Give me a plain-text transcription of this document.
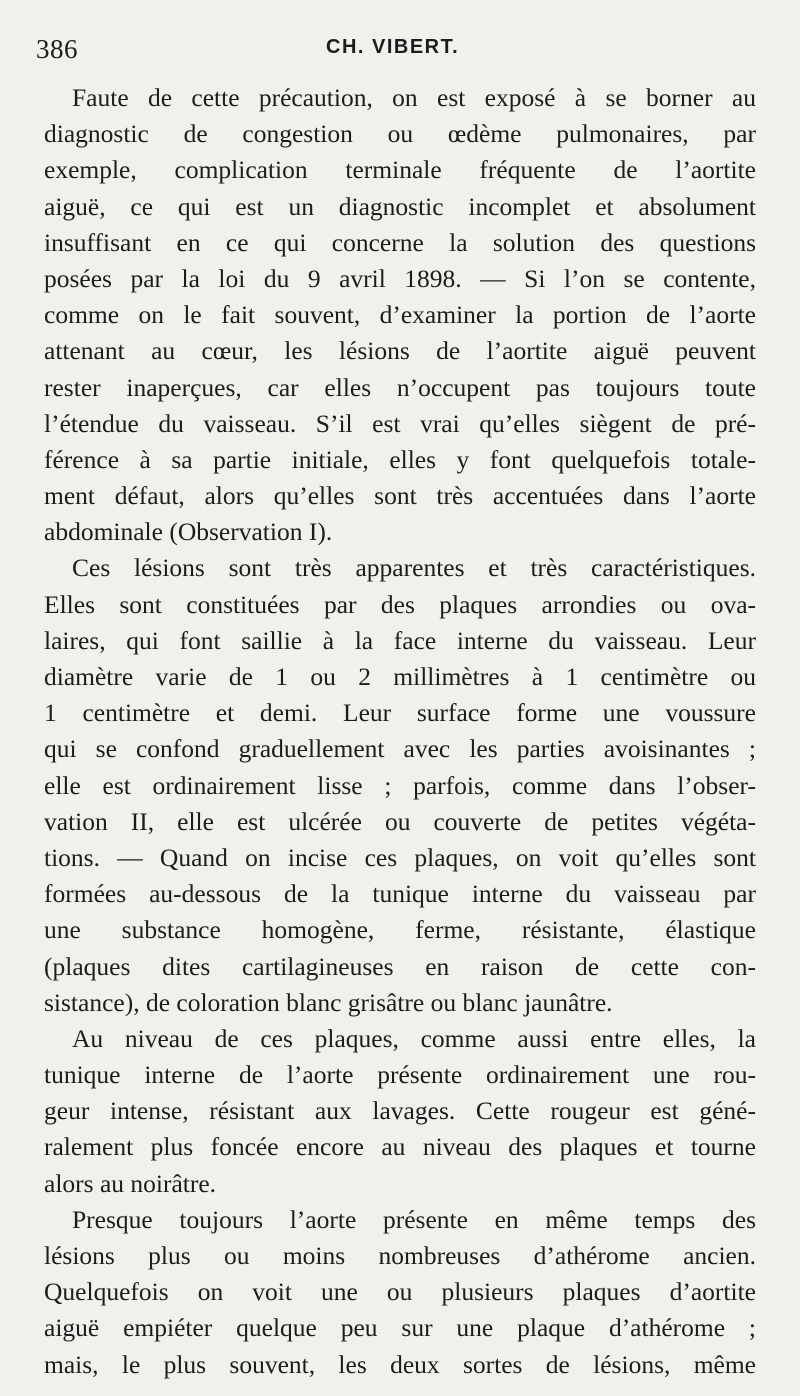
386	CH. VIBERT.
Faute de cette précaution, on est exposé à se borner au
diagnostic de congestion ou œdème pulmonaires, par
exemple, complication terminale fréquente de l’aortite
aiguë, ce qui est un diagnostic incomplet et absolument
insuffisant en ce qui concerne la solution des questions
posées par la loi du 9 avril 1898. — Si l’on se contente,
comme on le fait souvent, d’examiner la portion de l’aorte
attenant au cœur, les lésions de l’aortite aiguë peuvent
rester inaperçues, car elles n’occupent pas toujours toute
l’étendue du vaisseau. S’il est vrai qu’elles siègent de pré-
férence à sa partie initiale, elles y font quelquefois totale-
ment défaut, alors qu’elles sont très accentuées dans l’aorte
abdominale (Observation I).
Ces lésions sont très apparentes et très caractéristiques.
Elles sont constituées par des plaques arrondies ou ova-
laires, qui font saillie à la face interne du vaisseau. Leur
diamètre varie de 1 ou 2 millimètres à 1 centimètre ou
1 centimètre et demi. Leur surface forme une voussure
qui se confond graduellement avec les parties avoisinantes ;
elle est ordinairement lisse ; parfois, comme dans l’obser-
vation II, elle est ulcérée ou couverte de petites végéta-
tions. — Quand on incise ces plaques, on voit qu’elles sont
formées au-dessous de la tunique interne du vaisseau par
une substance homogène, ferme, résistante, élastique
(plaques dites cartilagineuses en raison de cette con-
sistance), de coloration blanc grisâtre ou blanc jaunâtre.
Au niveau de ces plaques, comme aussi entre elles, la
tunique interne de l’aorte présente ordinairement une rou-
geur intense, résistant aux lavages. Cette rougeur est géné-
ralement plus foncée encore au niveau des plaques et tourne
alors au noirâtre.
Presque toujours l’aorte présente en même temps des
lésions plus ou moins nombreuses d’athérome ancien.
Quelquefois on voit une ou plusieurs plaques d’aortite
aiguë empiéter quelque peu sur une plaque d’athérome ;
mais, le plus souvent, les deux sortes de lésions, même
